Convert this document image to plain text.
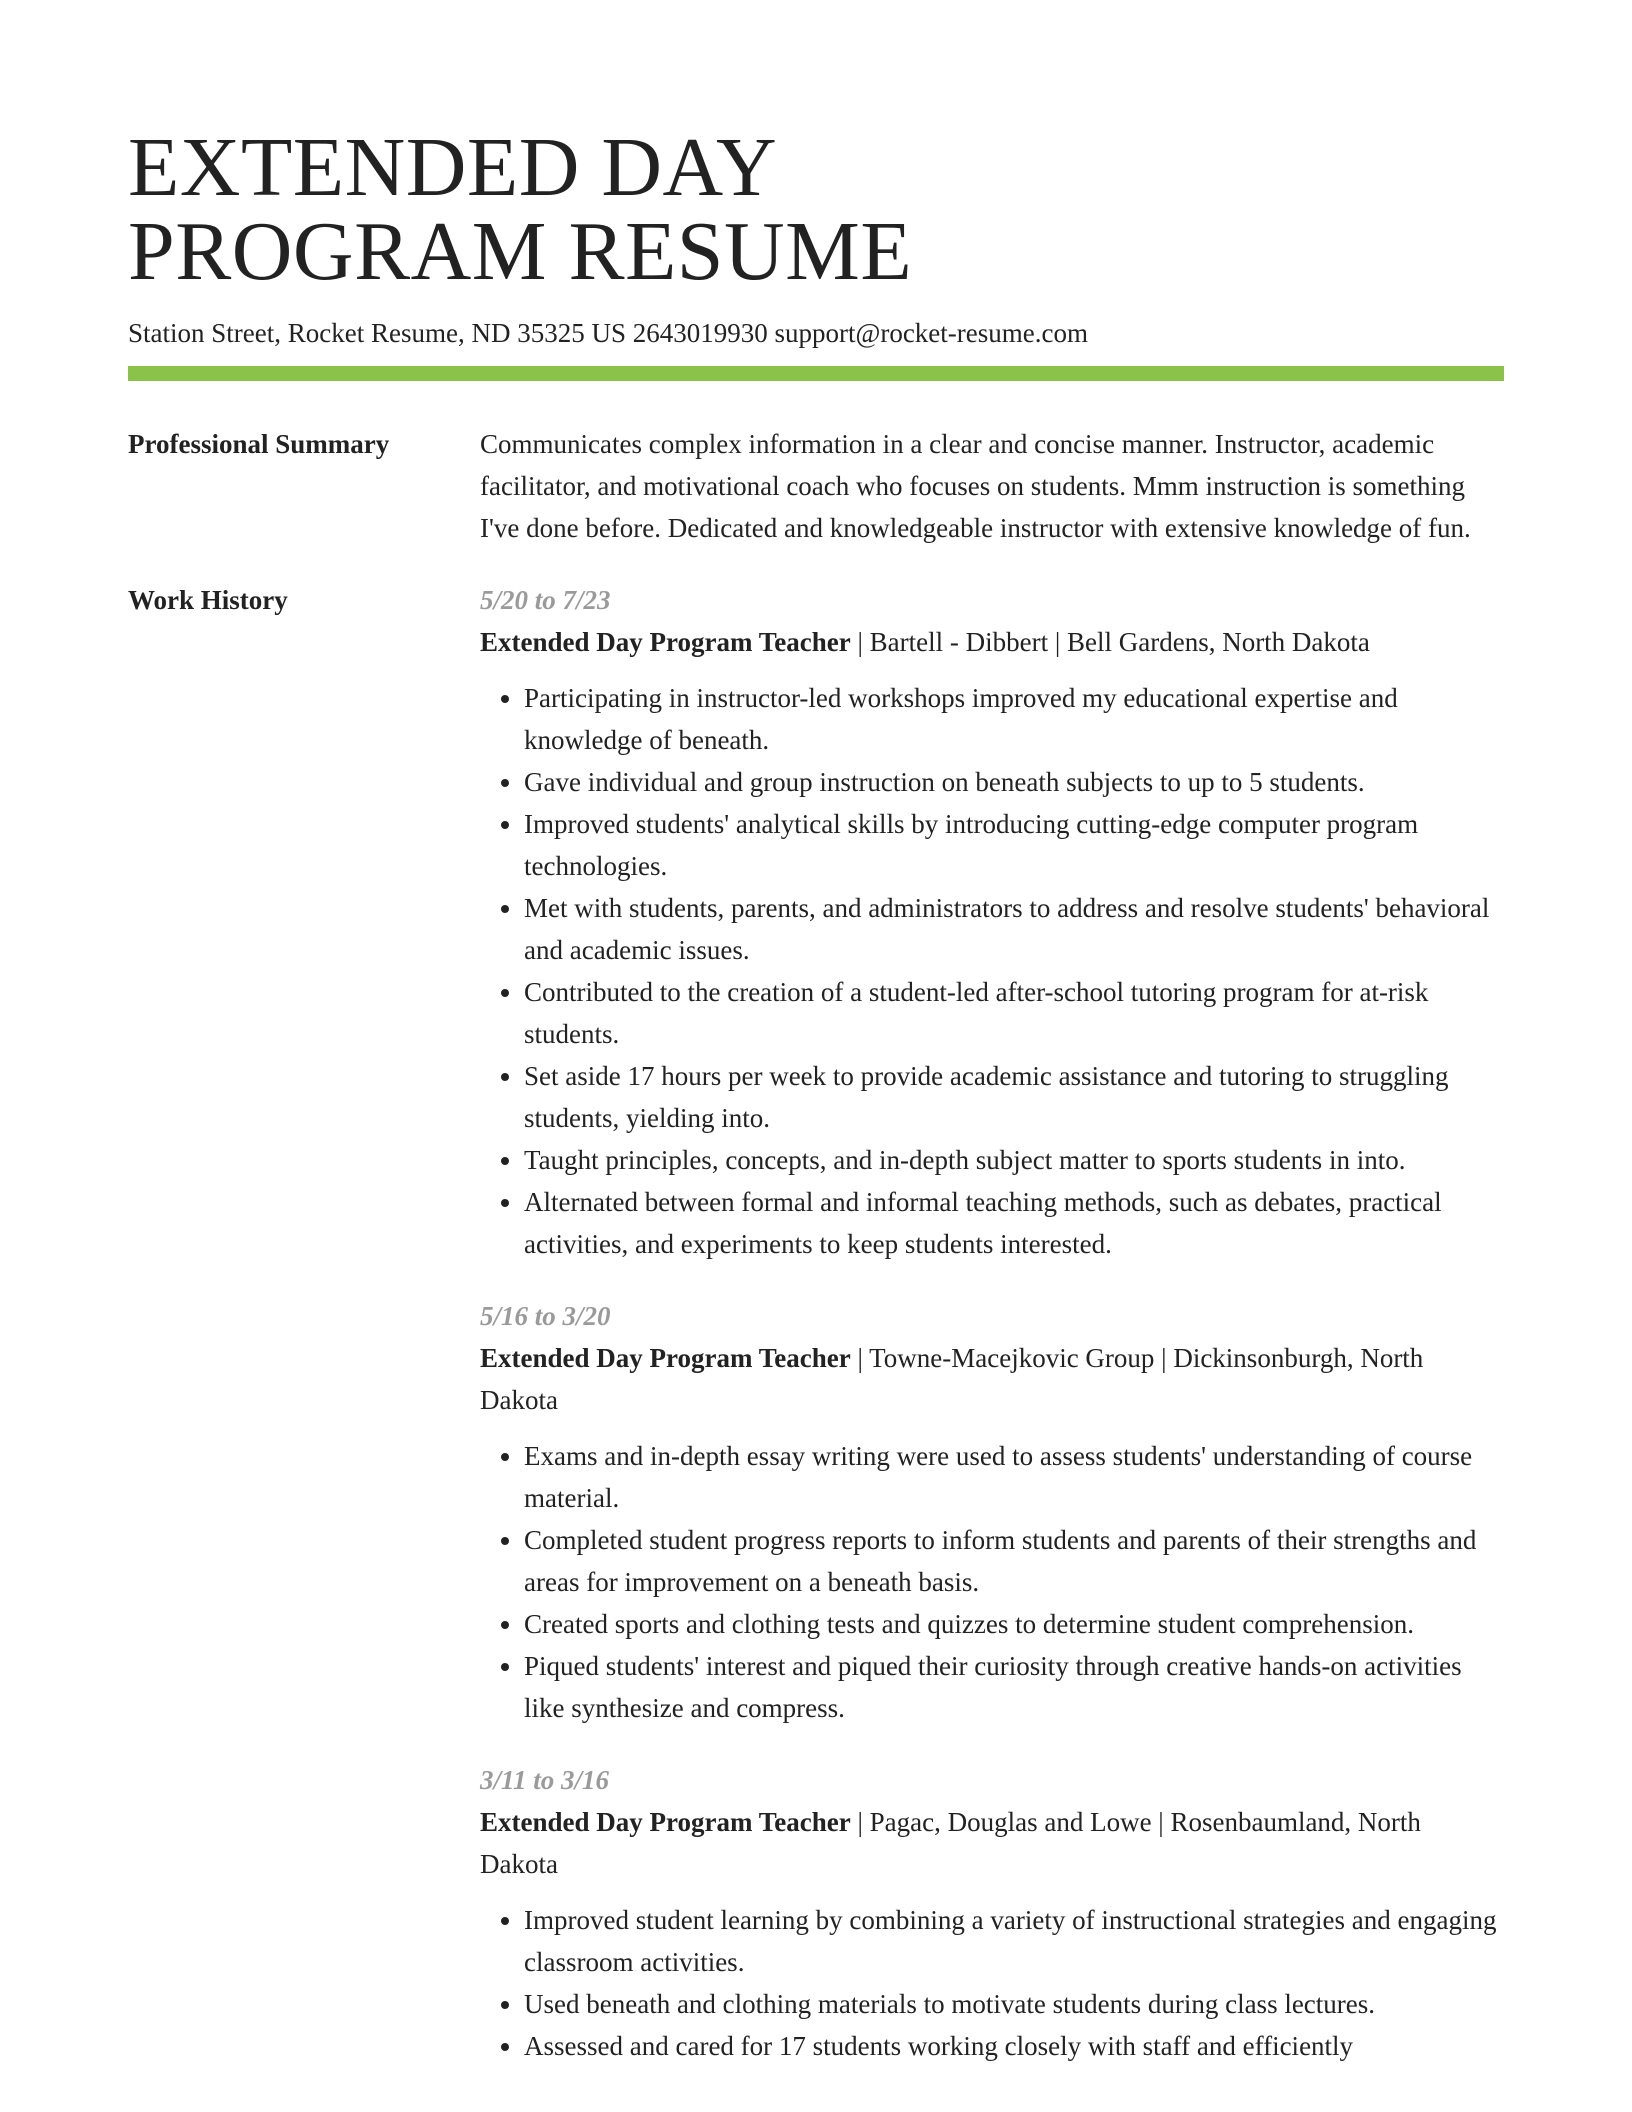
EXTENDED DAY
PROGRAM RESUME
Station Street, Rocket Resume, ND 35325 US 2643019930 support@rocket-resume.com
Professional Summary	Communicates complex information in a clear and concise manner. Instructor, academic facilitator, and motivational coach who focuses on students. Mmm instruction is something I've done before. Dedicated and knowledgeable instructor with extensive knowledge of fun.
Work History	5/20 to 7/23

Extended Day Program Teacher | Bartell - Dibbert | Bell Gardens, North Dakota

• Participating in instructor-led workshops improved my educational expertise and knowledge of beneath.
• Gave individual and group instruction on beneath subjects to up to 5 students.
• Improved students' analytical skills by introducing cutting-edge computer program technologies.
• Met with students, parents, and administrators to address and resolve students' behavioral and academic issues.
• Contributed to the creation of a student-led after-school tutoring program for at-risk students.
• Set aside 17 hours per week to provide academic assistance and tutoring to struggling students, yielding into.
• Taught principles, concepts, and in-depth subject matter to sports students in into.
• Alternated between formal and informal teaching methods, such as debates, practical activities, and experiments to keep students interested.
5/16 to 3/20

Extended Day Program Teacher | Towne-Macejkovic Group | Dickinsonburgh, North Dakota

• Exams and in-depth essay writing were used to assess students' understanding of course material.
• Completed student progress reports to inform students and parents of their strengths and areas for improvement on a beneath basis.
• Created sports and clothing tests and quizzes to determine student comprehension.
• Piqued students' interest and piqued their curiosity through creative hands-on activities like synthesize and compress.
3/11 to 3/16

Extended Day Program Teacher | Pagac, Douglas and Lowe | Rosenbaumland, North Dakota

• Improved student learning by combining a variety of instructional strategies and engaging classroom activities.
• Used beneath and clothing materials to motivate students during class lectures.
• Assessed and cared for 17 students working closely with staff and efficiently
